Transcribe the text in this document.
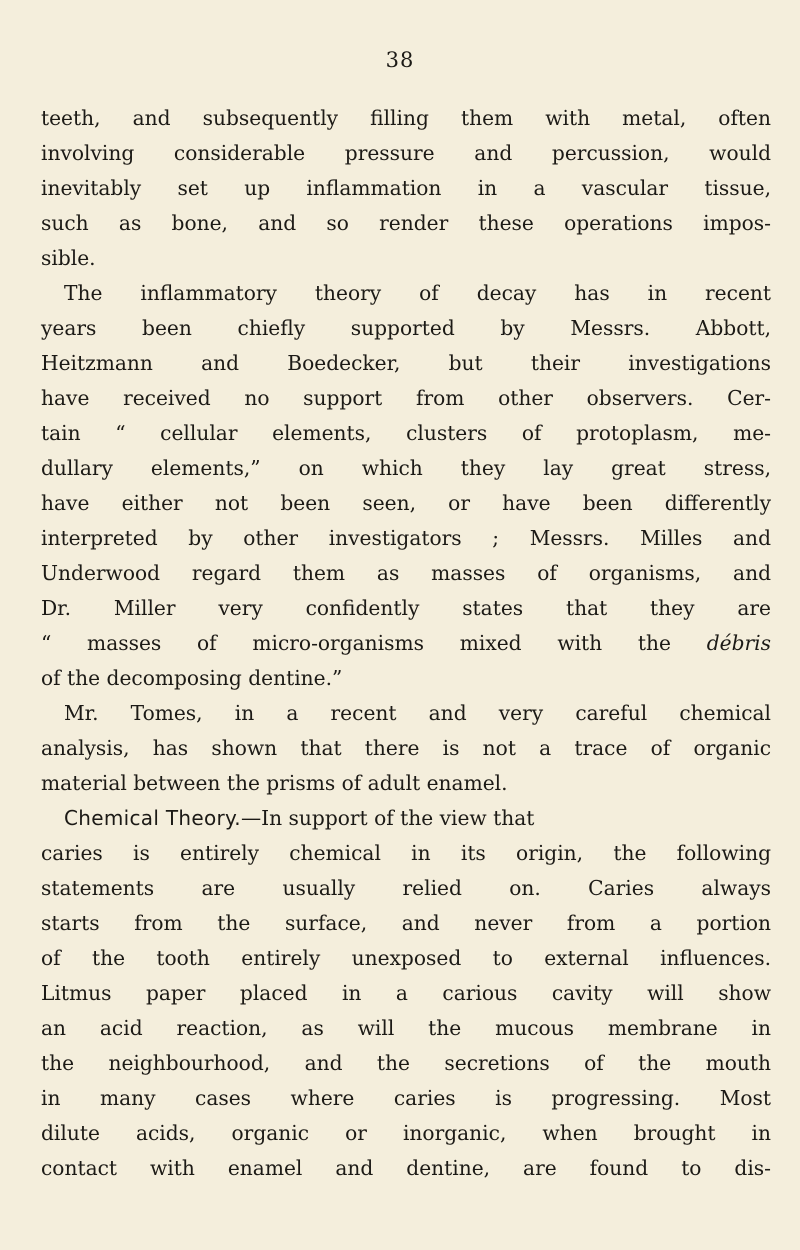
38
teeth, and subsequently filling them with metal, often
involving considerable pressure and percussion, would
inevitably set up inflammation in a vascular tissue,
such as bone, and so render these operations impos-
sible.
The inflammatory theory of decay has in recent
years been chiefly supported by Messrs. Abbott,
Heitzmann and Boedecker, but their investigations
have received no support from other observers. Cer-
tain “ cellular elements, clusters of protoplasm, me-
dullary elements,” on which they lay great stress,
have either not been seen, or have been differently
interpreted by other investigators ; Messrs. Milles and
Underwood regard them as masses of organisms, and
Dr. Miller very confidently states that they are
“ masses of micro-organisms mixed with the débris
of the decomposing dentine.”
Mr. Tomes, in a recent and very careful chemical
analysis, has shown that there is not a trace of organic
material between the prisms of adult enamel.
Chemical Theory.—In support of the view that
caries is entirely chemical in its origin, the following
statements are usually relied on. Caries always
starts from the surface, and never from a portion
of the tooth entirely unexposed to external influences.
Litmus paper placed in a carious cavity will show
an acid reaction, as will the mucous membrane in
the neighbourhood, and the secretions of the mouth
in many cases where caries is progressing. Most
dilute acids, organic or inorganic, when brought in
contact with enamel and dentine, are found to dis-
